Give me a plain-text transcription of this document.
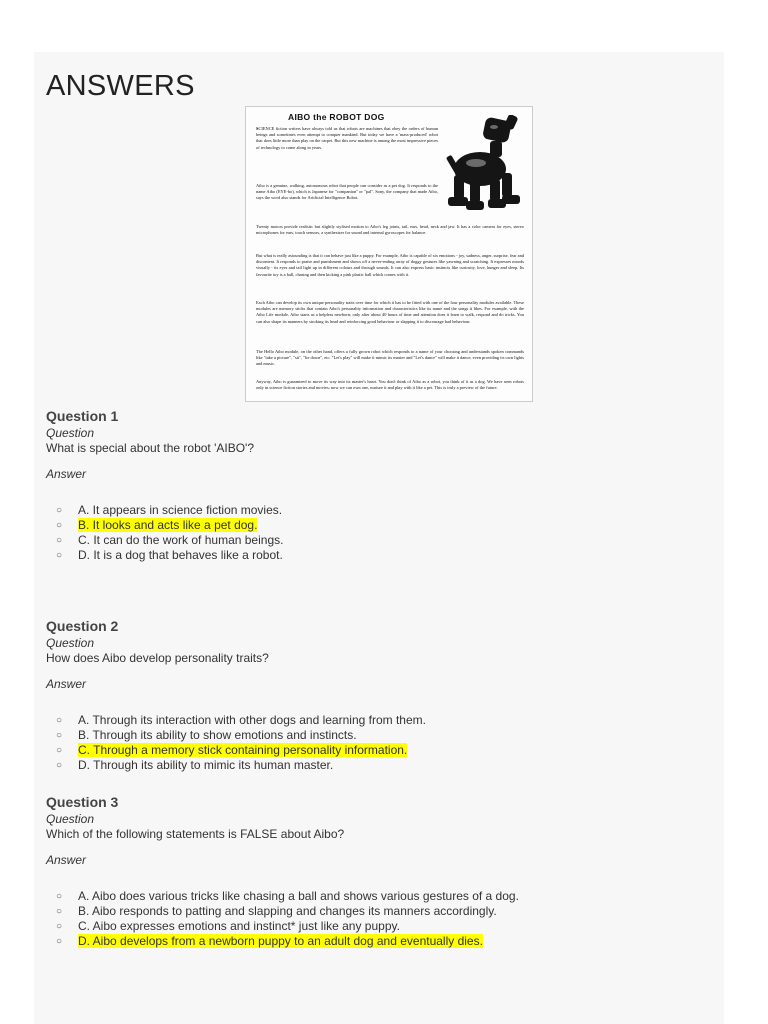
ANSWERS
AIBO the ROBOT DOG

SCIENCE fiction writers have always told us that robots are machines that obey the orders of human beings and sometimes even attempt to conquer mankind. But today we have a 'mass-produced' robot that does little more than play on the carpet. But this new machine is among the most impressive pieces of technology to come along in years.

Aibo is a genuine, walking, autonomous robot that people can consider as a pet dog. It responds to the name Aibo (EYE-bo), which is Japanese for "companion" or "pal". Sony, the company that made Aibo, says the word also stands for Artificial Intelligence Robot.

Twenty motors provide realistic but slightly stylised motion to Aibo's leg joints, tail, ears, head, neck and jaw. It has a color camera for eyes, stereo microphones for ears, touch sensors, a synthesizer for sound and internal gyroscopes for balance.

But what is really astounding is that it can behave just like a puppy. For example, Aibo is capable of six emotions - joy, sadness, anger, surprise, fear and discontent. It responds to praise and punishment and shows off a never-ending array of doggy gestures like yawning and scratching. It expresses moods visually - its eyes and tail light up in different colours and through sounds. It can also express basic instincts like curiosity, love, hunger and sleep. Its favourite toy is a ball, chasing and then kicking a pink plastic ball which comes with it.

Each Aibo can develop its own unique personality traits over time for which it has to be fitted with one of the four personality modules available. These modules are memory sticks that contain Aibo's personality information and characteristics like its name and the songs it likes. For example, with the Aibo Life module, Aibo starts as a helpless newborn; only after about 40 hours of time and attention does it learn to walk, respond and do tricks. You can also shape its manners by stroking its head and reinforcing good behaviour or slapping it to discourage bad behaviour.

The Hello Aibo module, on the other hand, offers a fully grown robot which responds to a name of your choosing and understands spoken commands like "take a picture", "sit", "lie down", etc. "Let's play" will make it mimic its master and "Let's dance" will make it dance, even providing its own lights and music.

Anyway, Aibo is guaranteed to move its way into its master's heart. You don't think of Aibo as a robot, you think of it as a dog. We have seen robots only in science fiction stories and movies; now we can own one, nurture it and play with it like a pet. This is truly a preview of the future.

Question 1
Question
What is special about the robot 'AIBO'?
Answer
○ A. It appears in science fiction movies.
○ B. It looks and acts like a pet dog.
○ C. It can do the work of human beings.
○ D. It is a dog that behaves like a robot.
Question 2
Question
How does Aibo develop personality traits?
Answer
○ A. Through its interaction with other dogs and learning from them.
○ B. Through its ability to show emotions and instincts.
○ C. Through a memory stick containing personality information.
○ D. Through its ability to mimic its human master.
Question 3
Question
Which of the following statements is FALSE about Aibo?
Answer
○ A. Aibo does various tricks like chasing a ball and shows various gestures of a dog.
○ B. Aibo responds to patting and slapping and changes its manners accordingly.
○ C. Aibo expresses emotions and instinct* just like any puppy.
○ D. Aibo develops from a newborn puppy to an adult dog and eventually dies.
